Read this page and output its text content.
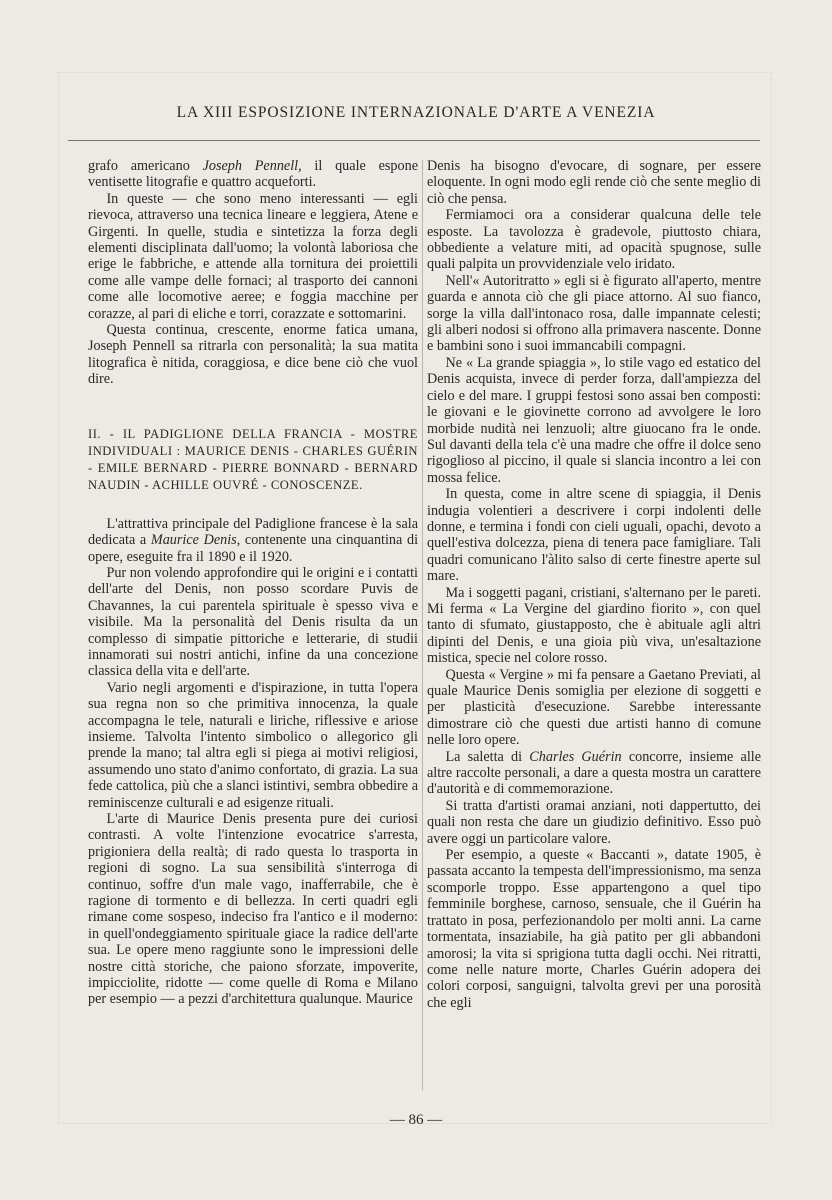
LA XIII ESPOSIZIONE INTERNAZIONALE D'ARTE A VENEZIA

grafo americano Joseph Pennell, il quale espone ventisette litografie e quattro acqueforti.

In queste — che sono meno interessanti — egli rievoca, attraverso una tecnica lineare e leggiera, Atene e Girgenti. In quelle, studia e sintetizza la forza degli elementi disciplinata dall'uomo; la volontà laboriosa che erige le fabbriche, e attende alla tornitura dei proiettili come alle vampe delle fornaci; al trasporto dei cannoni come alle locomotive aeree; e foggia macchine per corazze, al pari di eliche e torri, corazzate e sottomarini.

Questa continua, crescente, enorme fatica umana, Joseph Pennell sa ritrarla con personalità; la sua matita litografica è nitida, coraggiosa, e dice bene ciò che vuol dire.

II. - IL PADIGLIONE DELLA FRANCIA - MOSTRE INDIVIDUALI : MAURICE DENIS - CHARLES GUÉRIN - EMILE BERNARD - PIERRE BONNARD - BERNARD NAUDIN - ACHILLE OUVRÉ - CONOSCENZE.

L'attrattiva principale del Padiglione francese è la sala dedicata a Maurice Denis, contenente una cinquantina di opere, eseguite fra il 1890 e il 1920.

Pur non volendo approfondire qui le origini e i contatti dell'arte del Denis, non posso scordare Puvis de Chavannes, la cui parentela spirituale è spesso viva e visibile. Ma la personalità del Denis risulta da un complesso di simpatie pittoriche e letterarie, di studii innamorati sui nostri antichi, infine da una concezione classica della vita e dell'arte.

Vario negli argomenti e d'ispirazione, in tutta l'opera sua regna non so che primitiva innocenza, la quale accompagna le tele, naturali e liriche, riflessive e ariose insieme. Talvolta l'intento simbolico o allegorico gli prende la mano; tal altra egli si piega ai motivi religiosi, assumendo uno stato d'animo confortato, di grazia. La sua fede cattolica, più che a slanci istintivi, sembra obbedire a reminiscenze culturali e ad esigenze rituali.

L'arte di Maurice Denis presenta pure dei curiosi contrasti. A volte l'intenzione evocatrice s'arresta, prigioniera della realtà; di rado questa lo trasporta in regioni di sogno. La sua sensibilità s'interroga di continuo, soffre d'un male vago, inafferrabile, che è ragione di tormento e di bellezza. In certi quadri egli rimane come sospeso, indeciso fra l'antico e il moderno: in quell'ondeggiamento spirituale giace la radice dell'arte sua. Le opere meno raggiunte sono le impressioni delle nostre città storiche, che paiono sforzate, impoverite, impicciolite, ridotte — come quelle di Roma e Milano per esempio — a pezzi d'architettura qualunque. Maurice

Denis ha bisogno d'evocare, di sognare, per essere eloquente. In ogni modo egli rende ciò che sente meglio di ciò che pensa.

Fermiamoci ora a considerar qualcuna delle tele esposte. La tavolozza è gradevole, piuttosto chiara, obbediente a velature miti, ad opacità spugnose, sulle quali palpita un provvidenziale velo iridato.

Nell'« Autoritratto » egli si è figurato all'aperto, mentre guarda e annota ciò che gli piace attorno. Al suo fianco, sorge la villa dall'intonaco rosa, dalle impannate celesti; gli alberi nodosi si offrono alla primavera nascente. Donne e bambini sono i suoi immancabili compagni.

Ne « La grande spiaggia », lo stile vago ed estatico del Denis acquista, invece di perder forza, dall'ampiezza del cielo e del mare. I gruppi festosi sono assai ben composti: le giovani e le giovinette corrono ad avvolgere le loro morbide nudità nei lenzuoli; altre giuocano fra le onde. Sul davanti della tela c'è una madre che offre il dolce seno rigoglioso al piccino, il quale si slancia incontro a lei con mossa felice.

In questa, come in altre scene di spiaggia, il Denis indugia volentieri a descrivere i corpi indolenti delle donne, e termina i fondi con cieli uguali, opachi, devoto a quell'estiva dolcezza, piena di tenera pace famigliare. Tali quadri comunicano l'àlito salso di certe finestre aperte sul mare.

Ma i soggetti pagani, cristiani, s'alternano per le pareti. Mi ferma « La Vergine del giardino fiorito », con quel tanto di sfumato, giustapposto, che è abituale agli altri dipinti del Denis, e una gioia più viva, un'esaltazione mistica, specie nel colore rosso.

Questa « Vergine » mi fa pensare a Gaetano Previati, al quale Maurice Denis somiglia per elezione di soggetti e per plasticità d'esecuzione. Sarebbe interessante dimostrare ciò che questi due artisti hanno di comune nelle loro opere.

La saletta di Charles Guérin concorre, insieme alle altre raccolte personali, a dare a questa mostra un carattere d'autorità e di commemorazione.

Si tratta d'artisti oramai anziani, noti dappertutto, dei quali non resta che dare un giudizio definitivo. Esso può avere oggi un particolare valore.

Per esempio, a queste « Baccanti », datate 1905, è passata accanto la tempesta dell'impressionismo, ma senza scomporle troppo. Esse appartengono a quel tipo femminile borghese, carnoso, sensuale, che il Guérin ha trattato in posa, perfezionandolo per molti anni. La carne tormentata, insaziabile, ha già patito per gli abbandoni amorosi; la vita si sprigiona tutta dagli occhi. Nei ritratti, come nelle nature morte, Charles Guérin adopera dei colori corposi, sanguigni, talvolta grevi per una porosità che egli

— 86 —
